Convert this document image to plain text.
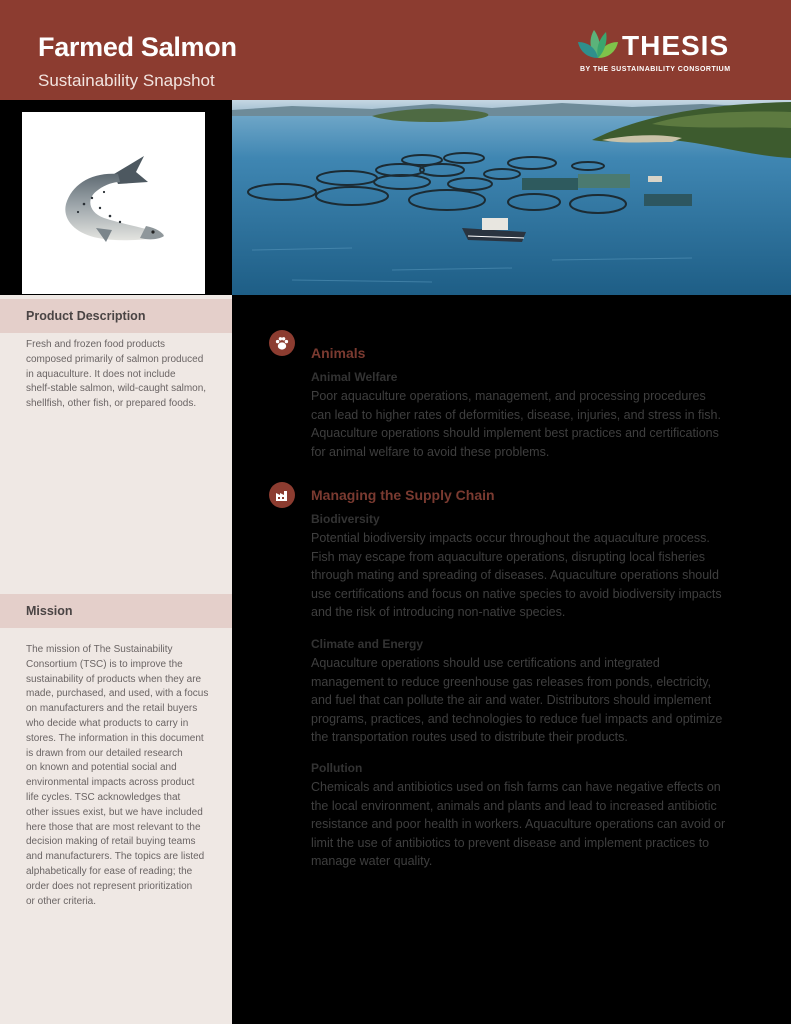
Farmed Salmon
Sustainability Snapshot
THESIS
BY THE SUSTAINABILITY CONSORTIUM
Product Description
Fresh and frozen food products
composed primarily of salmon produced
in aquaculture. It does not include
shelf-stable salmon, wild-caught salmon,
shellfish, other fish, or prepared foods.
Mission
The mission of The Sustainability
Consortium (TSC) is to improve the
sustainability of products when they are
made, purchased, and used, with a focus
on manufacturers and the retail buyers
who decide what products to carry in
stores. The information in this document
is drawn from our detailed research
on known and potential social and
environmental impacts across product
life cycles. TSC acknowledges that
other issues exist, but we have included
here those that are most relevant to the
decision making of retail buying teams
and manufacturers. The topics are listed
alphabetically for ease of reading; the
order does not represent prioritization
or other criteria.
Animals
Animal Welfare
Poor aquaculture operations, management, and processing procedures
can lead to higher rates of deformities, disease, injuries, and stress in fish.
Aquaculture operations should implement best practices and certifications
for animal welfare to avoid these problems.
Managing the Supply Chain
Biodiversity
Potential biodiversity impacts occur throughout the aquaculture process.
Fish may escape from aquaculture operations, disrupting local fisheries
through mating and spreading of diseases. Aquaculture operations should
use certifications and focus on native species to avoid biodiversity impacts
and the risk of introducing non-native species.
Climate and Energy
Aquaculture operations should use certifications and integrated
management to reduce greenhouse gas releases from ponds, electricity,
and fuel that can pollute the air and water. Distributors should implement
programs, practices, and technologies to reduce fuel impacts and optimize
the transportation routes used to distribute their products.
Pollution
Chemicals and antibiotics used on fish farms can have negative effects on
the local environment, animals and plants and lead to increased antibiotic
resistance and poor health in workers. Aquaculture operations can avoid or
limit the use of antibiotics to prevent disease and implement practices to
manage water quality.
